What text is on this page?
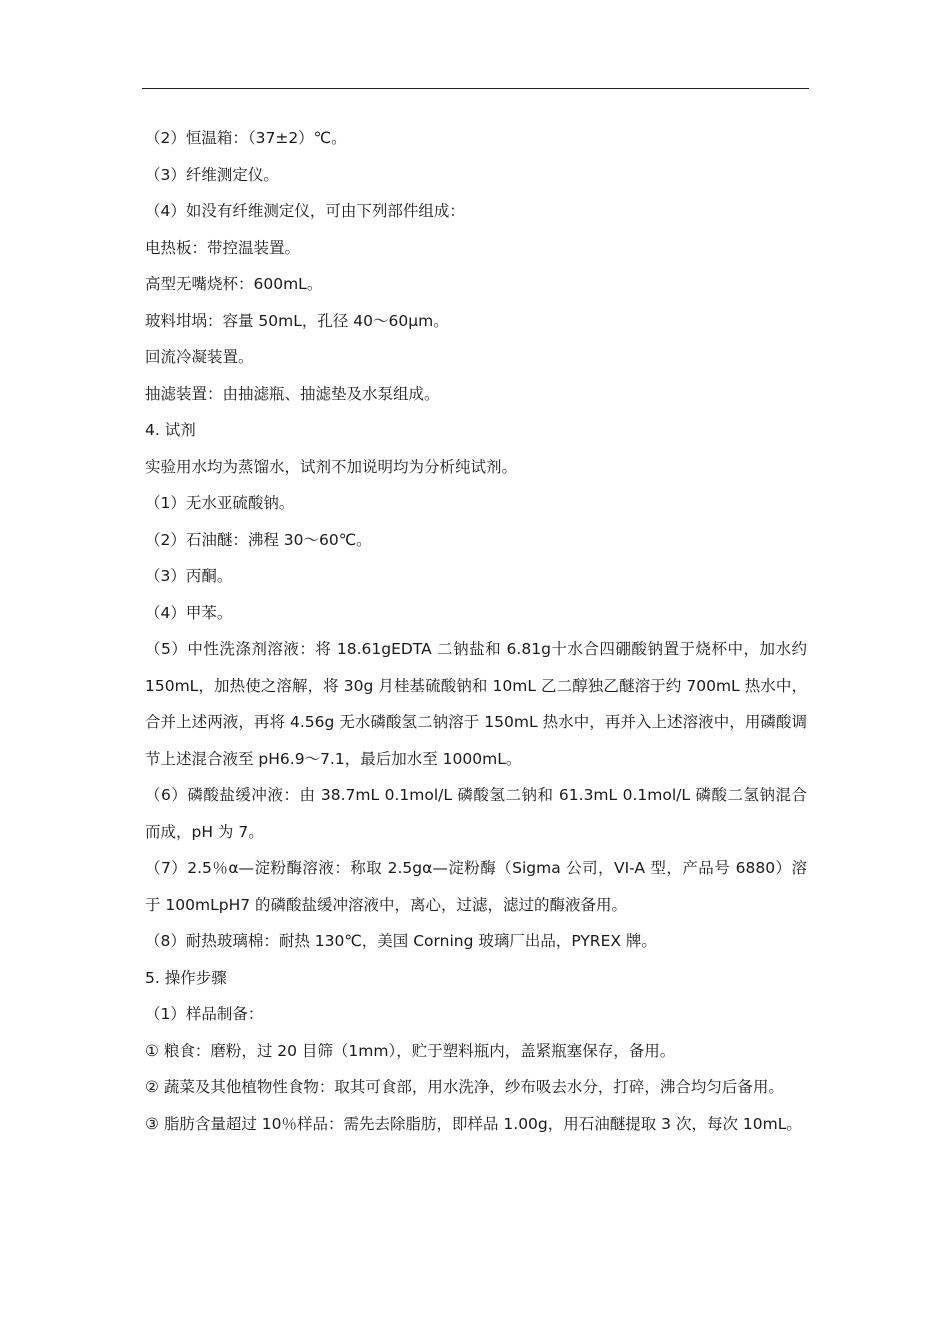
（2）恒温箱：（37±2）℃。

（3）纤维测定仪。

（4）如没有纤维测定仪，可由下列部件组成：

电热板：带控温装置。

高型无嘴烧杯：600mL。

玻料坩埚：容量 50mL，孔径 40～60μm。

回流冷凝装置。

抽滤装置：由抽滤瓶、抽滤垫及水泵组成。

4. 试剂

实验用水均为蒸馏水，试剂不加说明均为分析纯试剂。

（1）无水亚硫酸钠。

（2）石油醚：沸程 30～60℃。

（3）丙酮。

（4）甲苯。

（5）中性洗涤剂溶液：将 18.61gEDTA 二钠盐和 6.81g十水合四硼酸钠置于烧杯中，加水约 150mL，加热使之溶解，将 30g 月桂基硫酸钠和 10mL 乙二醇独乙醚溶于约 700mL 热水中，合并上述两液，再将 4.56g 无水磷酸氢二钠溶于 150mL 热水中，再并入上述溶液中，用磷酸调节上述混合液至 pH6.9～7.1，最后加水至 1000mL。

（6）磷酸盐缓冲液：由 38.7mL 0.1mol/L 磷酸氢二钠和 61.3mL 0.1mol/L 磷酸二氢钠混合而成，pH 为 7。

（7）2.5％α—淀粉酶溶液：称取 2.5gα—淀粉酶（Sigma 公司，VI-A 型，产品号 6880）溶于 100mLpH7 的磷酸盐缓冲溶液中，离心，过滤，滤过的酶液备用。

（8）耐热玻璃棉：耐热 130℃，美国 Corning 玻璃厂出品，PYREX 牌。

5. 操作步骤

（1）样品制备：

① 粮食：磨粉，过 20 目筛（1mm），贮于塑料瓶内，盖紧瓶塞保存，备用。

② 蔬菜及其他植物性食物：取其可食部，用水洗净，纱布吸去水分，打碎，沸合均匀后备用。

③ 脂肪含量超过 10％样品：需先去除脂肪，即样品 1.00g，用石油醚提取 3 次，每次 10mL。
